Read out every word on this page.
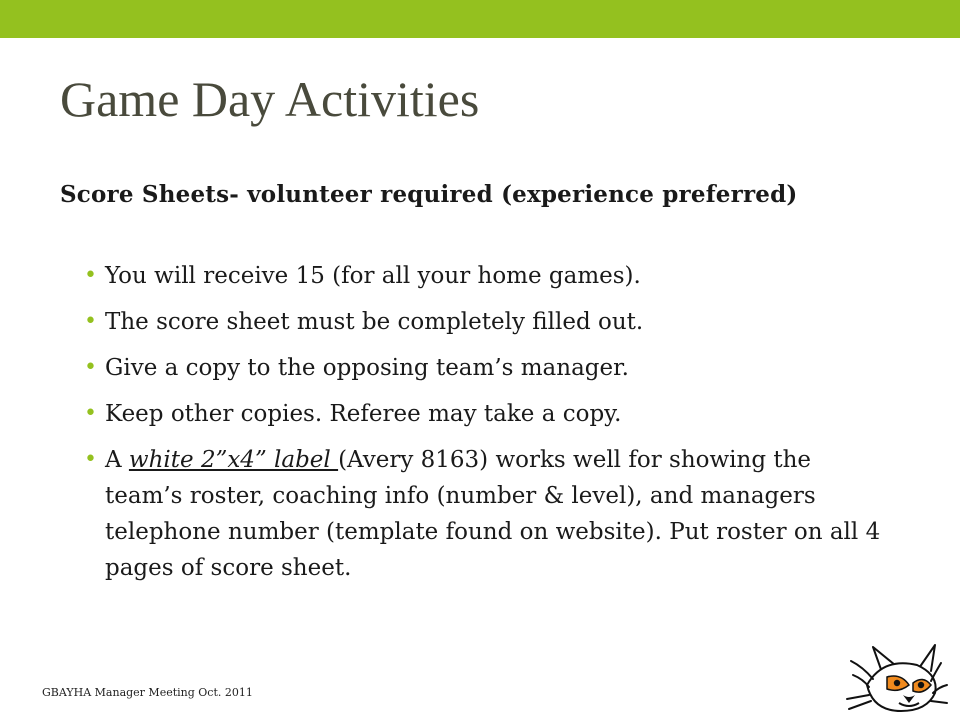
Game Day Activities

Score Sheets- volunteer required (experience preferred)

• You will receive 15 (for all your home games).
• The score sheet must be completely filled out.
• Give a copy to the opposing team’s manager.
• Keep other copies. Referee may take a copy.
• A white 2”x4” label (Avery 8163) works well for showing the team’s roster, coaching info (number & level), and managers telephone number (template found on website). Put roster on all 4 pages of score sheet.
GBAYHA Manager Meeting Oct. 2011
